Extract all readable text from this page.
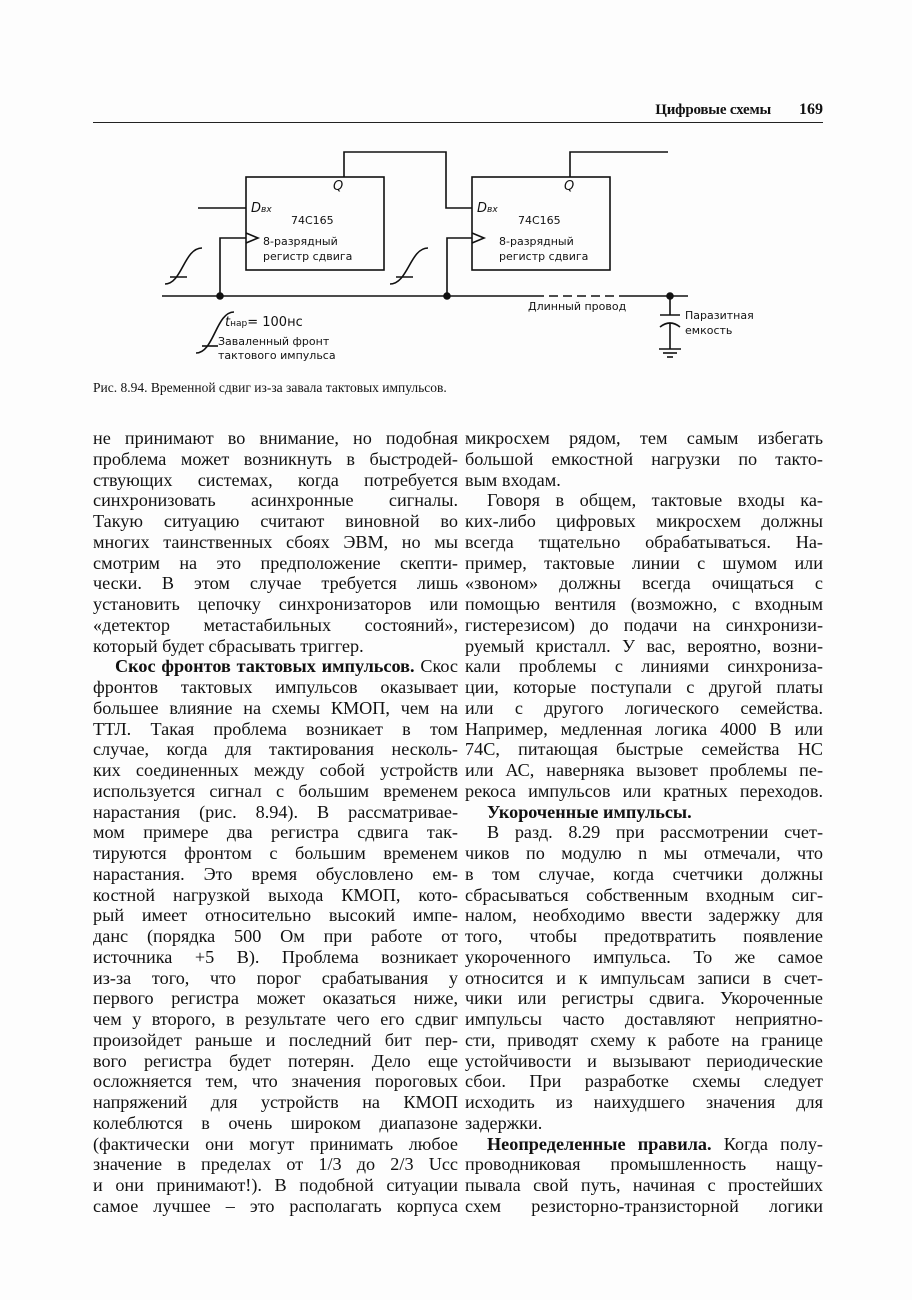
Цифровые схемы 169
Q
Dвх
74C165
8-разрядный
регистр сдвига
Q
Dвх
74C165
8-разрядный
регистр сдвига
Длинный провод
Паразитная
емкость
tнар= 100нс
Заваленный фронт
тактового импульса
Рис. 8.94. Временной сдвиг из-за завала тактовых импульсов.
не принимают во внимание, но подобная
проблема может возникнуть в быстродей-
ствующих системах, когда потребуется
синхронизовать асинхронные сигналы.
Такую ситуацию считают виновной во
многих таинственных сбоях ЭВМ, но мы
смотрим на это предположение скепти-
чески. В этом случае требуется лишь
установить цепочку синхронизаторов или
«детектор метастабильных состояний»,
который будет сбрасывать триггер.
Скос фронтов тактовых импульсов. Скос
фронтов тактовых импульсов оказывает
большее влияние на схемы КМОП, чем на
ТТЛ. Такая проблема возникает в том
случае, когда для тактирования несколь-
ких соединенных между собой устройств
используется сигнал с большим временем
нарастания (рис. 8.94). В рассматривае-
мом примере два регистра сдвига так-
тируются фронтом с большим временем
нарастания. Это время обусловлено ем-
костной нагрузкой выхода КМОП, кото-
рый имеет относительно высокий импе-
данс (порядка 500 Ом при работе от
источника +5 В). Проблема возникает
из-за того, что порог срабатывания у
первого регистра может оказаться ниже,
чем у второго, в результате чего его сдвиг
произойдет раньше и последний бит пер-
вого регистра будет потерян. Дело еще
осложняется тем, что значения пороговых
напряжений для устройств на КМОП
колеблются в очень широком диапазоне
(фактически они могут принимать любое
значение в пределах от 1/3 до 2/3 Uсс
и они принимают!). В подобной ситуации
самое лучшее – это располагать корпуса
микросхем рядом, тем самым избегать
большой емкостной нагрузки по такто-
вым входам.
Говоря в общем, тактовые входы ка-
ких-либо цифровых микросхем должны
всегда тщательно обрабатываться. На-
пример, тактовые линии с шумом или
«звоном» должны всегда очищаться с
помощью вентиля (возможно, с входным
гистерезисом) до подачи на синхронизи-
руемый кристалл. У вас, вероятно, возни-
кали проблемы с линиями синхрониза-
ции, которые поступали с другой платы
или с другого логического семейства.
Например, медленная логика 4000 В или
74С, питающая быстрые семейства НС
или АС, наверняка вызовет проблемы пе-
рекоса импульсов или кратных переходов.
Укороченные импульсы.
В разд. 8.29 при рассмотрении счет-
чиков по модулю n мы отмечали, что
в том случае, когда счетчики должны
сбрасываться собственным входным сиг-
налом, необходимо ввести задержку для
того, чтобы предотвратить появление
укороченного импульса. То же самое
относится и к импульсам записи в счет-
чики или регистры сдвига. Укороченные
импульсы часто доставляют неприятно-
сти, приводят схему к работе на границе
устойчивости и вызывают периодические
сбои. При разработке схемы следует
исходить из наихудшего значения для
задержки.
Неопределенные правила. Когда полу-
проводниковая промышленность нащу-
пывала свой путь, начиная с простейших
схем резисторно-транзисторной логики
